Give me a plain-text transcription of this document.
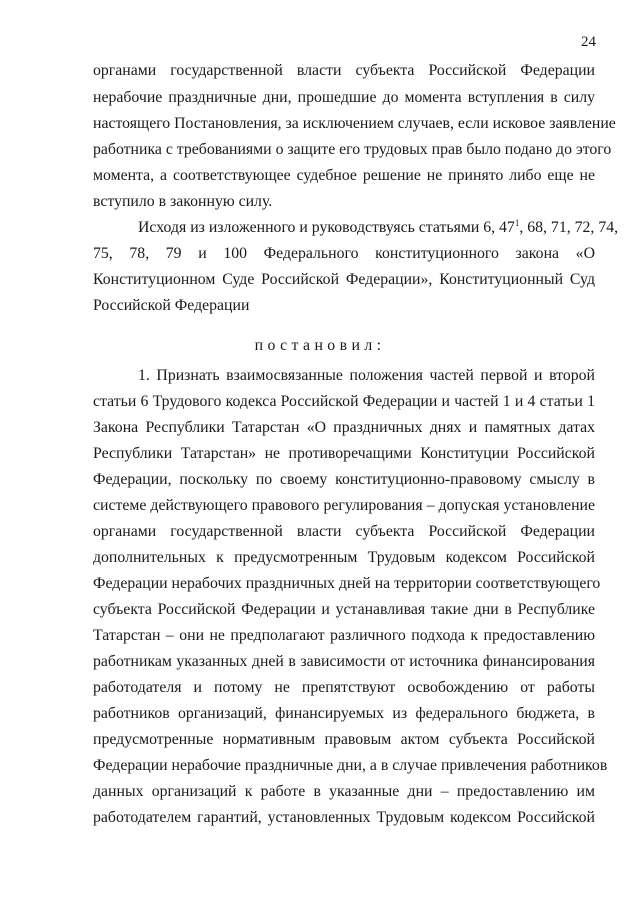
24
органами государственной власти субъекта Российской Федерации
нерабочие праздничные дни, прошедшие до момента вступления в силу
настоящего Постановления, за исключением случаев, если исковое заявление
работника с требованиями о защите его трудовых прав было подано до этого
момента, а соответствующее судебное решение не принято либо еще не
вступило в законную силу.
Исходя из изложенного и руководствуясь статьями 6, $47^1$, 68, 71, 72, 74,
75, 78, 79 и 100 Федерального конституционного закона «О
Конституционном Суде Российской Федерации», Конституционный Суд
Российской Федерации
постановил:
1. Признать взаимосвязанные положения частей первой и второй
статьи 6 Трудового кодекса Российской Федерации и частей 1 и 4 статьи 1
Закона Республики Татарстан «О праздничных днях и памятных датах
Республики Татарстан» не противоречащими Конституции Российской
Федерации, поскольку по своему конституционно-правовому смыслу в
системе действующего правового регулирования – допуская установление
органами государственной власти субъекта Российской Федерации
дополнительных к предусмотренным Трудовым кодексом Российской
Федерации нерабочих праздничных дней на территории соответствующего
субъекта Российской Федерации и устанавливая такие дни в Республике
Татарстан – они не предполагают различного подхода к предоставлению
работникам указанных дней в зависимости от источника финансирования
работодателя и потому не препятствуют освобождению от работы
работников организаций, финансируемых из федерального бюджета, в
предусмотренные нормативным правовым актом субъекта Российской
Федерации нерабочие праздничные дни, а в случае привлечения работников
данных организаций к работе в указанные дни – предоставлению им
работодателем гарантий, установленных Трудовым кодексом Российской
